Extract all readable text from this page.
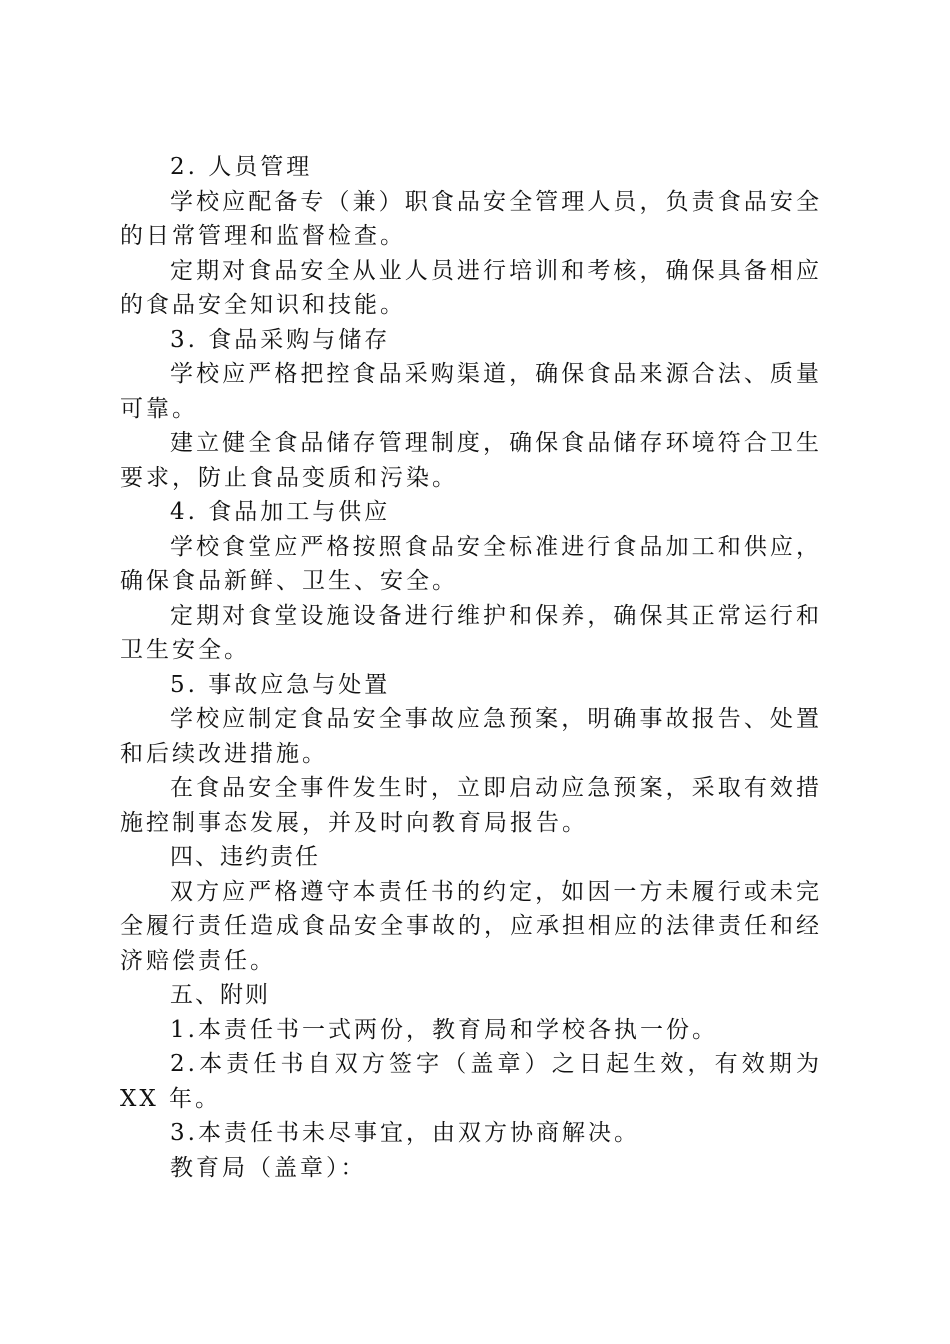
2. 人员管理

学校应配备专（兼）职食品安全管理人员，负责食品安全的日常管理和监督检查。

定期对食品安全从业人员进行培训和考核，确保具备相应的食品安全知识和技能。

3. 食品采购与储存

学校应严格把控食品采购渠道，确保食品来源合法、质量可靠。

建立健全食品储存管理制度，确保食品储存环境符合卫生要求，防止食品变质和污染。

4. 食品加工与供应

学校食堂应严格按照食品安全标准进行食品加工和供应，确保食品新鲜、卫生、安全。

定期对食堂设施设备进行维护和保养，确保其正常运行和卫生安全。

5. 事故应急与处置

学校应制定食品安全事故应急预案，明确事故报告、处置和后续改进措施。

在食品安全事件发生时，立即启动应急预案，采取有效措施控制事态发展，并及时向教育局报告。

四、违约责任

双方应严格遵守本责任书的约定，如因一方未履行或未完全履行责任造成食品安全事故的，应承担相应的法律责任和经济赔偿责任。

五、附则

1.本责任书一式两份，教育局和学校各执一份。

2.本责任书自双方签字（盖章）之日起生效，有效期为 XX 年。

3.本责任书未尽事宜，由双方协商解决。

教育局（盖章）：
